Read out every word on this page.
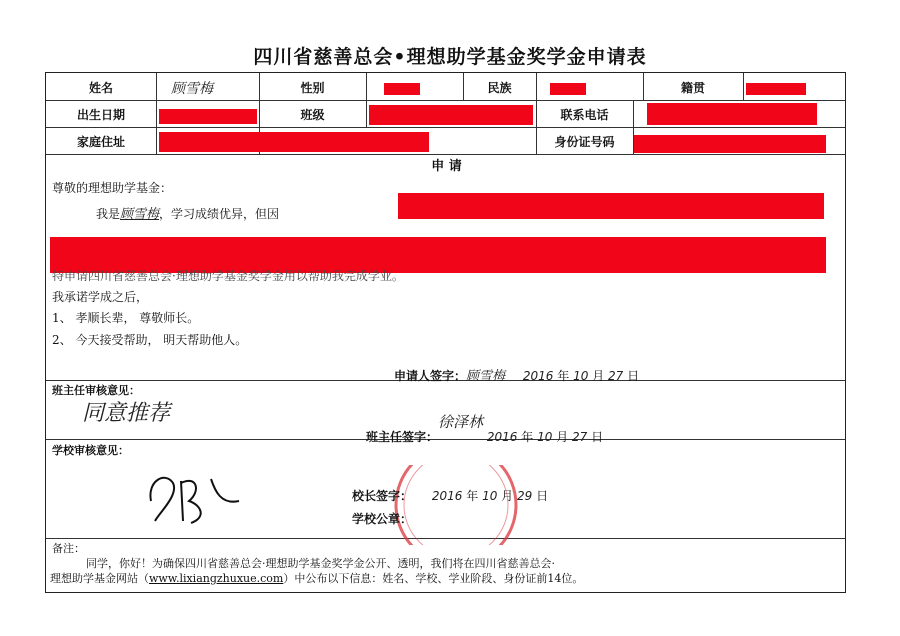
四川省慈善总会•理想助学基金奖学金申请表
姓名	顾雪梅	性别	民族	籍贯
出生日期	班级	联系电话
家庭住址	身份证号码
申 请
尊敬的理想助学基金：
我是顾雪梅，学习成绩优异，但因
特申请四川省慈善总会·理想助学基金奖学金用以帮助我完成学业。
我承诺学成之后，
1、 孝顺长辈， 尊敬师长。
2、 今天接受帮助， 明天帮助他人。
申请人签字：顾雪梅 2016 年 10 月 27 日
班主任审核意见：
同意推荐
班主任签字：徐泽林 2016 年 10 月 27 日
学校审核意见：
校长签字： 2016 年 10 月 29 日
学校公章：
备注：
同学，你好！为确保四川省慈善总会·理想助学基金奖学金公开、透明，我们将在四川省慈善总会·
理想助学基金网站（www.lixiangzhuxue.com）中公布以下信息：姓名、学校、学业阶段、身份证前14位。
